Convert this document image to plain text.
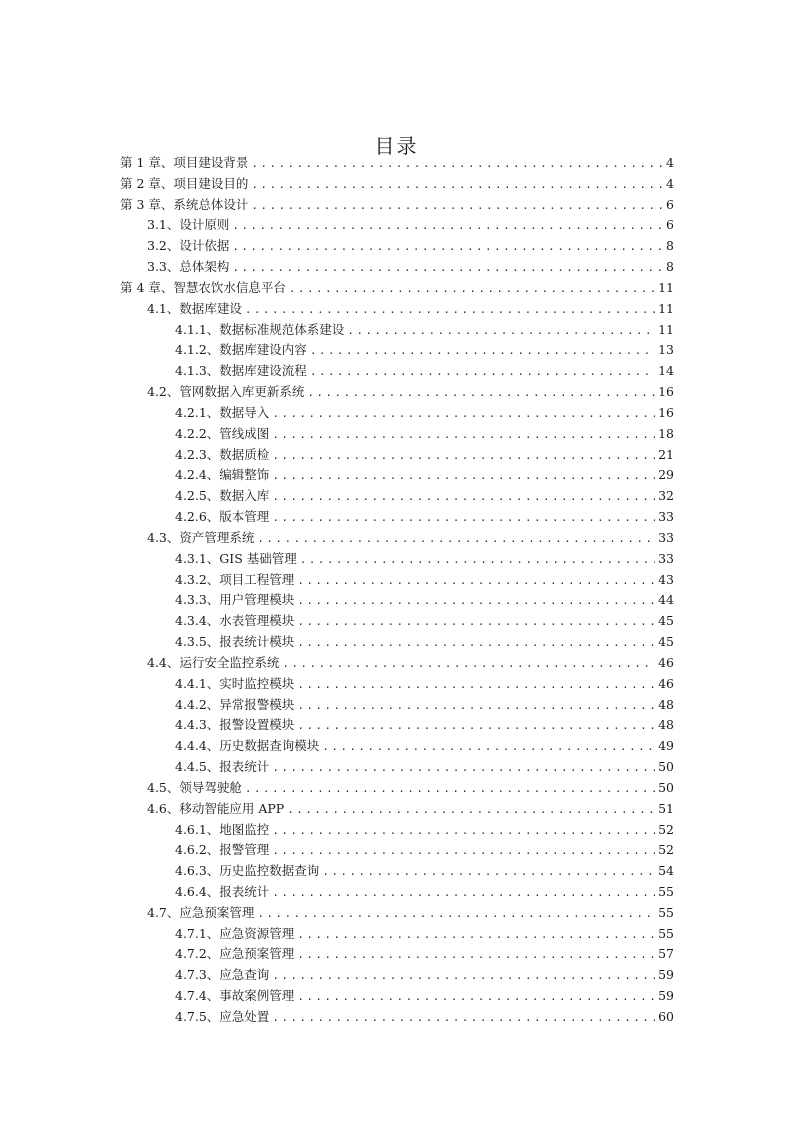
目录
第 1 章、项目建设背景 .....	4
第 2 章、项目建设目的 .....	4
第 3 章、系统总体设计 .....	6
3.1、设计原则 .....	6
3.2、设计依据 .....	8
3.3、总体架构 .....	8
第 4 章、智慧农饮水信息平台 .....	11
4.1、数据库建设 .....	11
4.1.1、数据标准规范体系建设 .....	11
4.1.2、数据库建设内容 .....	13
4.1.3、数据库建设流程 .....	14
4.2、管网数据入库更新系统 .....	16
4.2.1、数据导入 .....	16
4.2.2、管线成图 .....	18
4.2.3、数据质检 .....	21
4.2.4、编辑整饰 .....	29
4.2.5、数据入库 .....	32
4.2.6、版本管理 .....	33
4.3、资产管理系统 .....	33
4.3.1、GIS 基础管理 .....	33
4.3.2、项目工程管理 .....	43
4.3.3、用户管理模块 .....	44
4.3.4、水表管理模块 .....	45
4.3.5、报表统计模块 .....	45
4.4、运行安全监控系统 .....	46
4.4.1、实时监控模块 .....	46
4.4.2、异常报警模块 .....	48
4.4.3、报警设置模块 .....	48
4.4.4、历史数据查询模块 .....	49
4.4.5、报表统计 .....	50
4.5、领导驾驶舱 .....	50
4.6、移动智能应用 APP .....	51
4.6.1、地图监控 .....	52
4.6.2、报警管理 .....	52
4.6.3、历史监控数据查询 .....	54
4.6.4、报表统计 .....	55
4.7、应急预案管理 .....	55
4.7.1、应急资源管理 .....	55
4.7.2、应急预案管理 .....	57
4.7.3、应急查询 .....	59
4.7.4、事故案例管理 .....	59
4.7.5、应急处置 .....	60
